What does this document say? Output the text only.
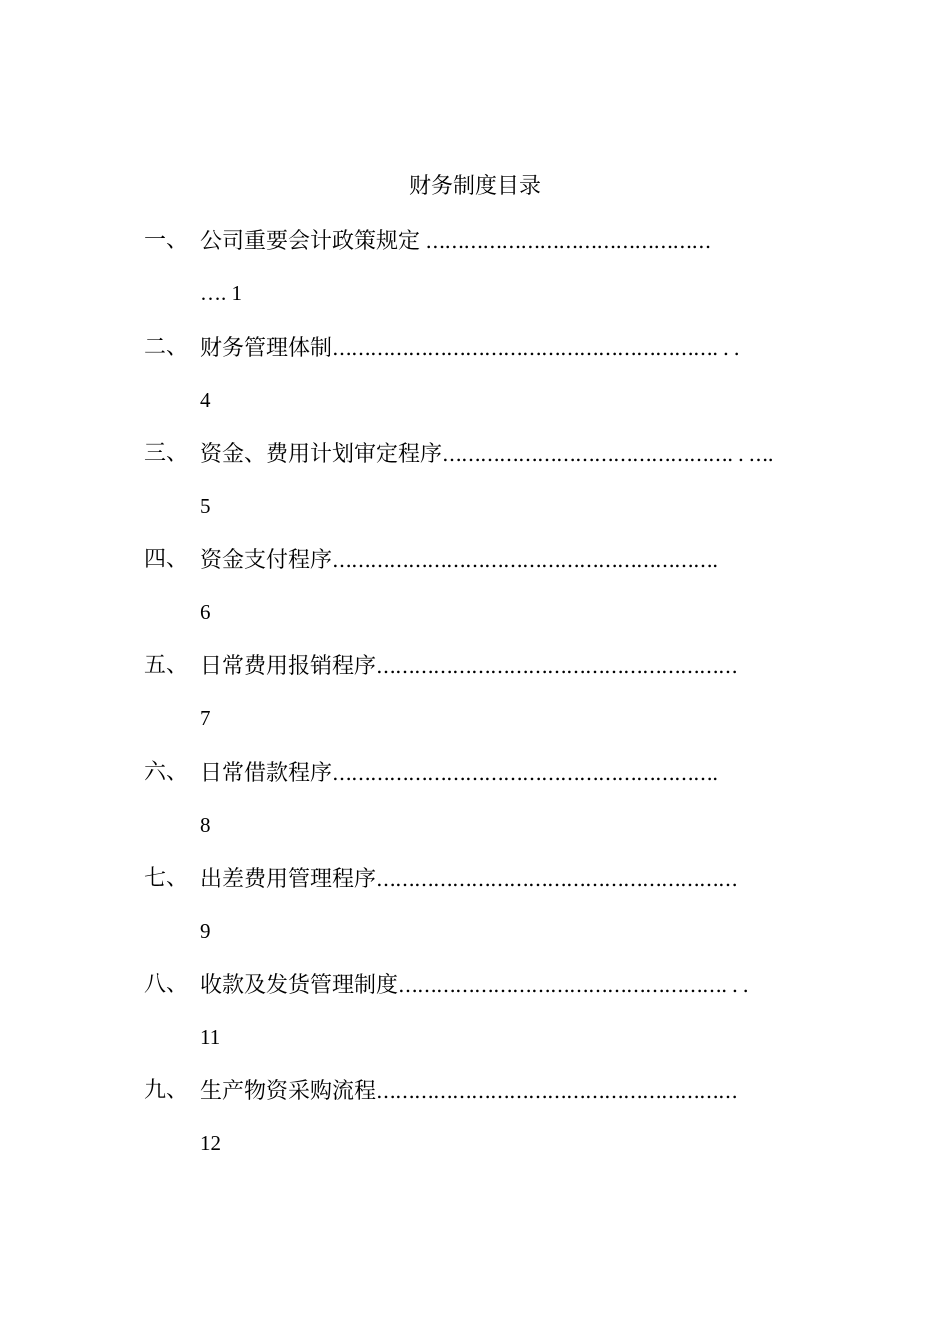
财务制度目录
一、 公司重要会计政策规定 ………………………………………
…. 1
二、 财务管理体制……………………………………………………. . .
4
三、 资金、费用计划审定程序………………………………………. . ….
5
四、 资金支付程序…………………………………………………….
6
五、 日常费用报销程序…………………………………………………
7
六、 日常借款程序…………………………………………………….
8
七、 出差费用管理程序…………………………………………………
9
八、 收款及发货管理制度……………………………………………. . .
11
九、 生产物资采购流程…………………………………………………
12
